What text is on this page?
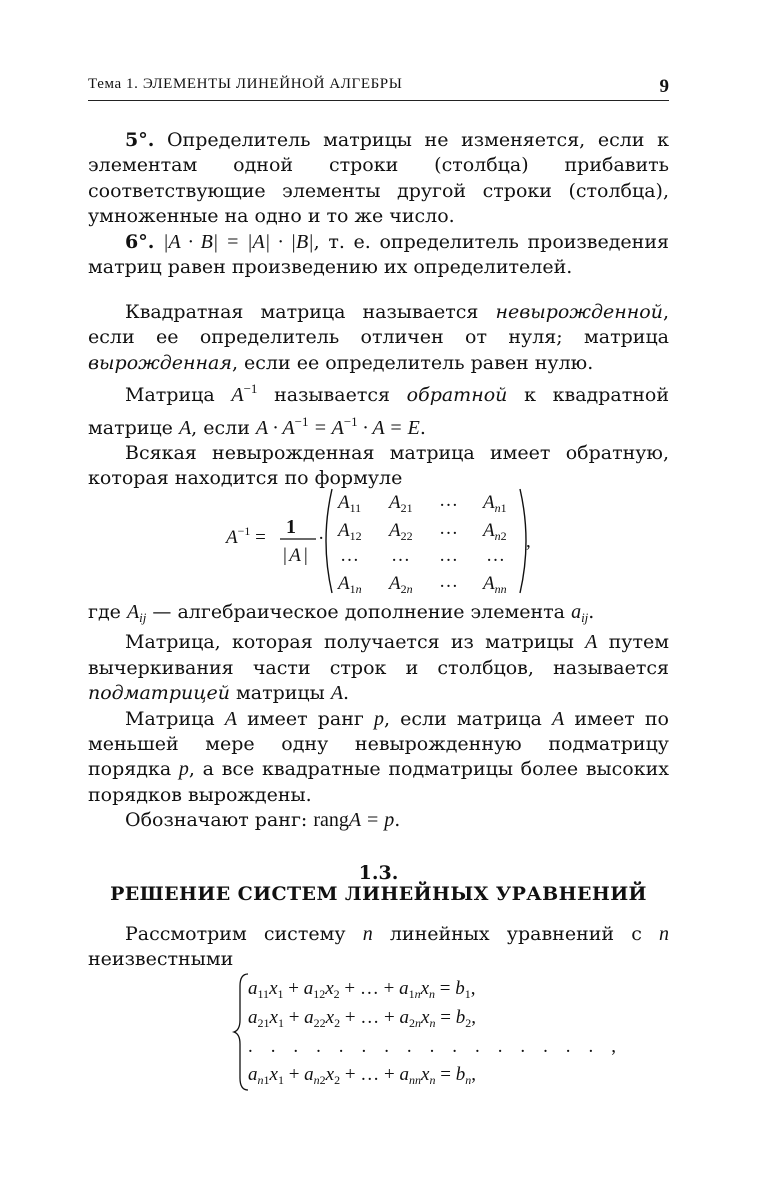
Тема 1. ЭЛЕМЕНТЫ ЛИНЕЙНОЙ АЛГЕБРЫ	9

5°. Определитель матрицы не изменяется, если к элементам одной строки (столбца) прибавить соответствующие элементы другой строки (столбца), умноженные на одно и то же число.

6°. |A · B| = |A| · |B|, т. е. определитель произведения матриц равен произведению их определителей.

Квадратная матрица называется невырожденной, если ее определитель отличен от нуля; матрица вырожденная, если ее определитель равен нулю.

Матрица $A^{-1}$ называется обратной к квадратной матрице A, если $A \cdot A^{-1} = A^{-1} \cdot A = E$.

Всякая невырожденная матрица имеет обратную, которая находится по формуле

$A^{-1} = 1$
| A |
·	,
$A_{11}$ $A_{21}$ … $A_n1$
$A_{12}$ $A_{22}$ … $A_n2$
… … … …
$A_1n$ $A_2n$ … $A_{nn}$

где $A_{ij}$ — алгебраическое дополнение элемента $a_{ij}$.

Матрица, которая получается из матрицы A путем вычеркивания части строк и столбцов, называется подматрицей матрицы A.

Матрица A имеет ранг p, если матрица A имеет по меньшей мере одну невырожденную подматрицу порядка p, а все квадратные подматрицы более высоких порядков вырождены.

Обозначают ранг: rangA = p.

1.3.
РЕШЕНИЕ СИСТЕМ ЛИНЕЙНЫХ УРАВНЕНИЙ

Рассмотрим систему n линейных уравнений с n неизвестными

$a_{11}x_1 + a_{12}x_2$ + … + $a_1nx_n = b_1$,
$a_{21}x_1 + a_{22}x_2$ + … + $a_2nx_n = b_2$,
. . . . . . . . . . . . . . . . ,
$a_n1x_1 + a_n2x_2$ + … + $a_{nn}x_n = b_n$,
